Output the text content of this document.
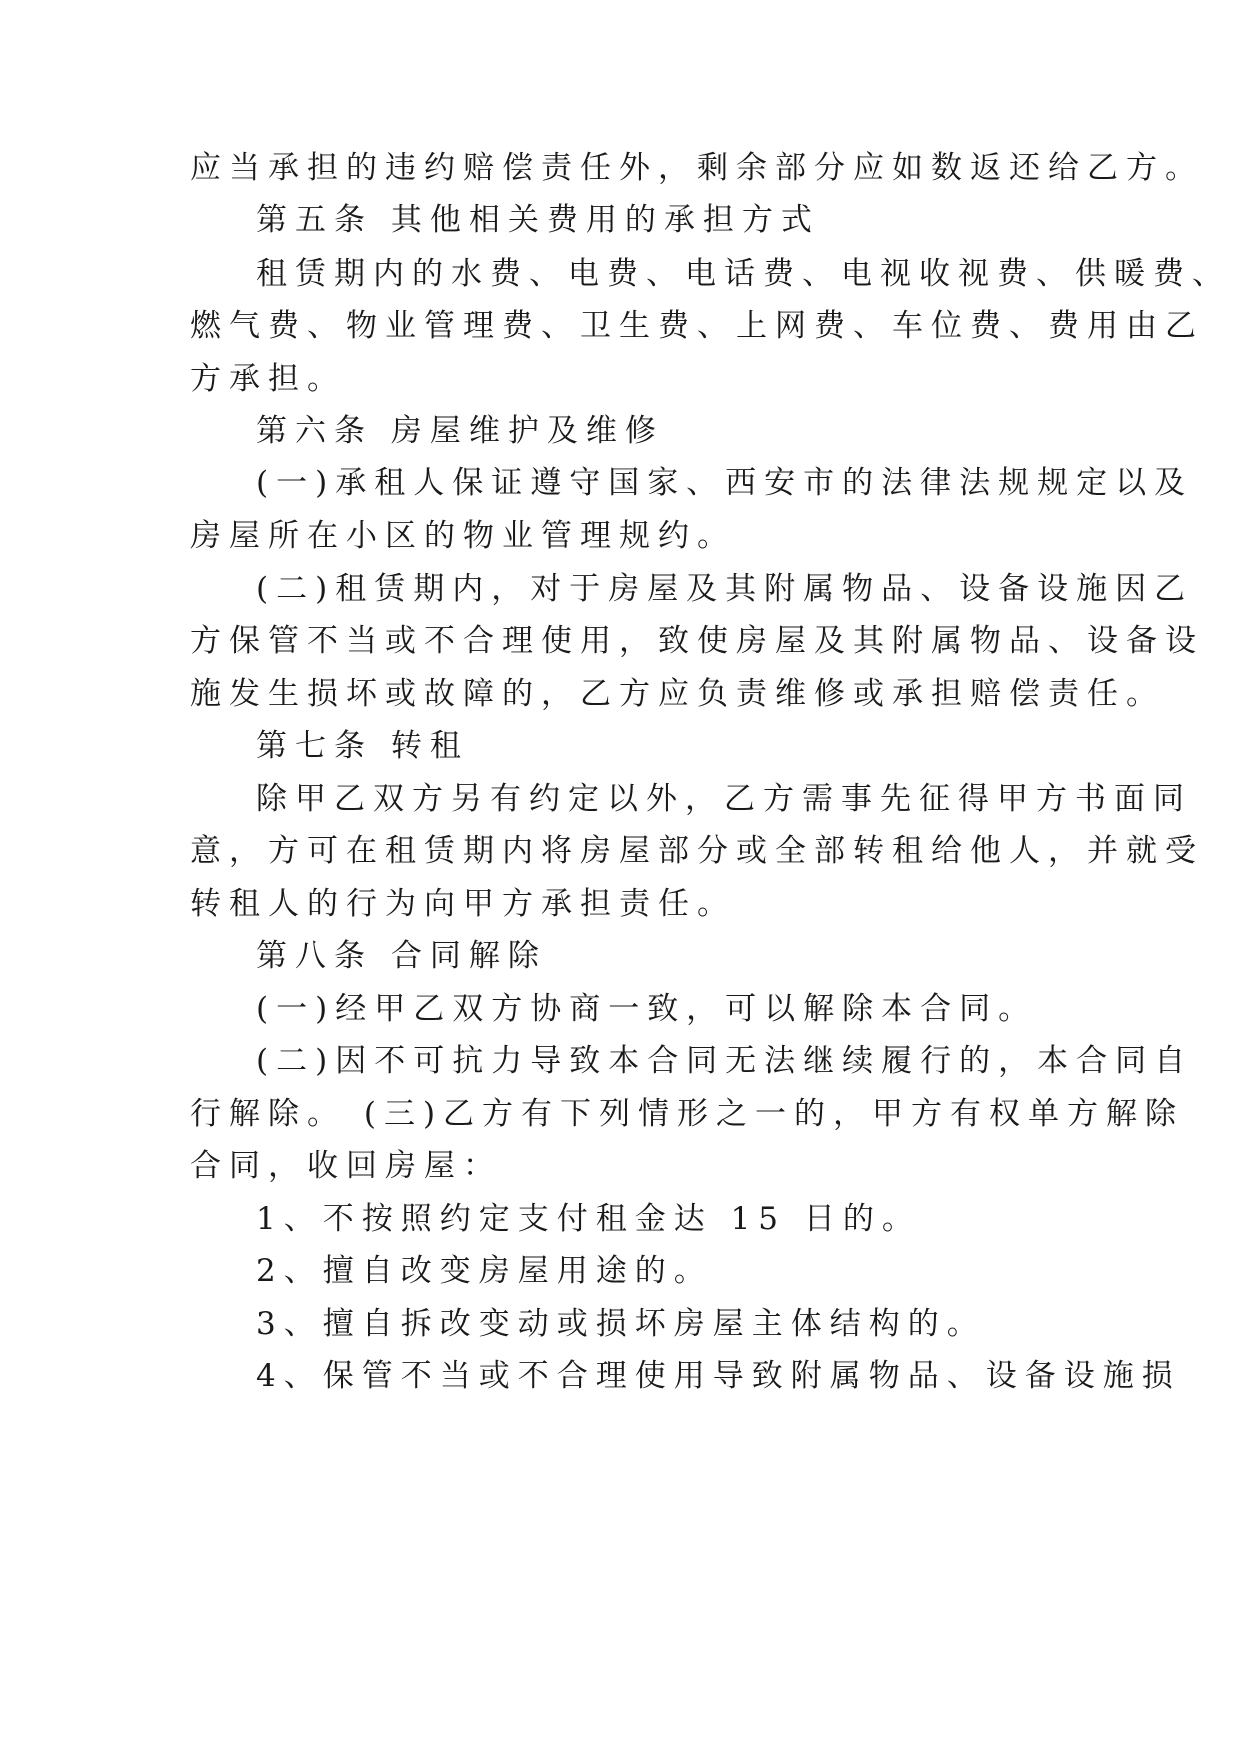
应当承担的违约赔偿责任外，剩余部分应如数返还给乙方。
第五条 其他相关费用的承担方式
租赁期内的水费、电费、电话费、电视收视费、供暖费、
燃气费、物业管理费、卫生费、上网费、车位费、费用由乙
方承担。
第六条 房屋维护及维修
(一)承租人保证遵守国家、西安市的法律法规规定以及
房屋所在小区的物业管理规约。
(二)租赁期内，对于房屋及其附属物品、设备设施因乙
方保管不当或不合理使用，致使房屋及其附属物品、设备设
施发生损坏或故障的，乙方应负责维修或承担赔偿责任。
第七条 转租
除甲乙双方另有约定以外，乙方需事先征得甲方书面同
意，方可在租赁期内将房屋部分或全部转租给他人，并就受
转租人的行为向甲方承担责任。
第八条 合同解除
(一)经甲乙双方协商一致，可以解除本合同。
(二)因不可抗力导致本合同无法继续履行的，本合同自
行解除。 (三)乙方有下列情形之一的，甲方有权单方解除
合同，收回房屋：
1、不按照约定支付租金达 15 日的。
2、擅自改变房屋用途的。
3、擅自拆改变动或损坏房屋主体结构的。
4、保管不当或不合理使用导致附属物品、设备设施损
